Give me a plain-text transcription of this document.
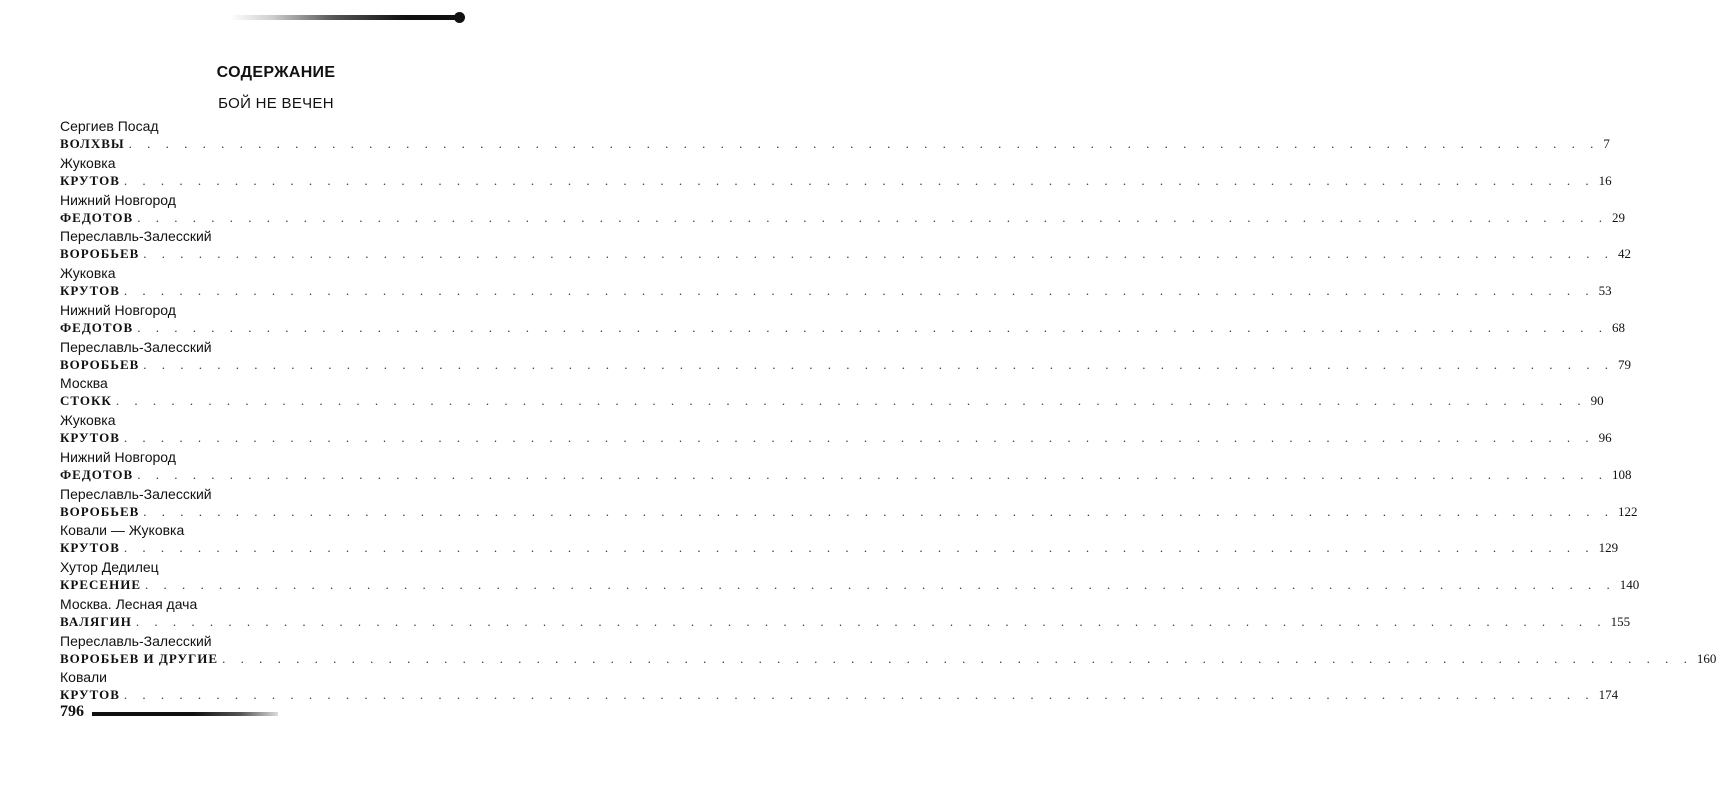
СОДЕРЖАНИЕ
БОЙ НЕ ВЕЧЕН
Сергиев Посад
ВОЛХВЫ . . . . . . . . . . . . . . . . . . . . . . . . . . . . . . . . . . . . . . . . . . . . . . . . . . . . . . . . . . . . . . . . . . . . . . . . . . . . . . . . 7
Жуковка
КРУТОВ . . . . . . . . . . . . . . . . . . . . . . . . . . . . . . . . . . . . . . . . . . . . . . . . . . . . . . . . . . . . . . . . . . . . . . . . . . . . . . . . 16
Нижний Новгород
ФЕДОТОВ . . . . . . . . . . . . . . . . . . . . . . . . . . . . . . . . . . . . . . . . . . . . . . . . . . . . . . . . . . . . . . . . . . . . . . . . . . . . . . . . 29
Переславль-Залесский
ВОРОБЬЕВ . . . . . . . . . . . . . . . . . . . . . . . . . . . . . . . . . . . . . . . . . . . . . . . . . . . . . . . . . . . . . . . . . . . . . . . . . . . . . . . . 42
Жуковка
КРУТОВ . . . . . . . . . . . . . . . . . . . . . . . . . . . . . . . . . . . . . . . . . . . . . . . . . . . . . . . . . . . . . . . . . . . . . . . . . . . . . . . . 53
Нижний Новгород
ФЕДОТОВ . . . . . . . . . . . . . . . . . . . . . . . . . . . . . . . . . . . . . . . . . . . . . . . . . . . . . . . . . . . . . . . . . . . . . . . . . . . . . . . . 68
Переславль-Залесский
ВОРОБЬЕВ . . . . . . . . . . . . . . . . . . . . . . . . . . . . . . . . . . . . . . . . . . . . . . . . . . . . . . . . . . . . . . . . . . . . . . . . . . . . . . . . 79
Москва
СТОКК . . . . . . . . . . . . . . . . . . . . . . . . . . . . . . . . . . . . . . . . . . . . . . . . . . . . . . . . . . . . . . . . . . . . . . . . . . . . . . . . 90
Жуковка
КРУТОВ . . . . . . . . . . . . . . . . . . . . . . . . . . . . . . . . . . . . . . . . . . . . . . . . . . . . . . . . . . . . . . . . . . . . . . . . . . . . . . . . 96
Нижний Новгород
ФЕДОТОВ . . . . . . . . . . . . . . . . . . . . . . . . . . . . . . . . . . . . . . . . . . . . . . . . . . . . . . . . . . . . . . . . . . . . . . . . . . . . . . . . 108
Переславль-Залесский
ВОРОБЬЕВ . . . . . . . . . . . . . . . . . . . . . . . . . . . . . . . . . . . . . . . . . . . . . . . . . . . . . . . . . . . . . . . . . . . . . . . . . . . . . . . . 122
Ковали — Жуковка
КРУТОВ . . . . . . . . . . . . . . . . . . . . . . . . . . . . . . . . . . . . . . . . . . . . . . . . . . . . . . . . . . . . . . . . . . . . . . . . . . . . . . . . 129
Хутор Дедилец
КРЕСЕНИЕ . . . . . . . . . . . . . . . . . . . . . . . . . . . . . . . . . . . . . . . . . . . . . . . . . . . . . . . . . . . . . . . . . . . . . . . . . . . . . . . . 140
Москва. Лесная дача
ВАЛЯГИН . . . . . . . . . . . . . . . . . . . . . . . . . . . . . . . . . . . . . . . . . . . . . . . . . . . . . . . . . . . . . . . . . . . . . . . . . . . . . . . . 155
Переславль-Залесский
ВОРОБЬЕВ И ДРУГИЕ . . . . . . . . . . . . . . . . . . . . . . . . . . . . . . . . . . . . . . . . . . . . . . . . . . . . . . . . . . . . . . . . . . . . . . . . . . . . . . . . 160
Ковали
КРУТОВ . . . . . . . . . . . . . . . . . . . . . . . . . . . . . . . . . . . . . . . . . . . . . . . . . . . . . . . . . . . . . . . . . . . . . . . . . . . . . . . . 174
796
